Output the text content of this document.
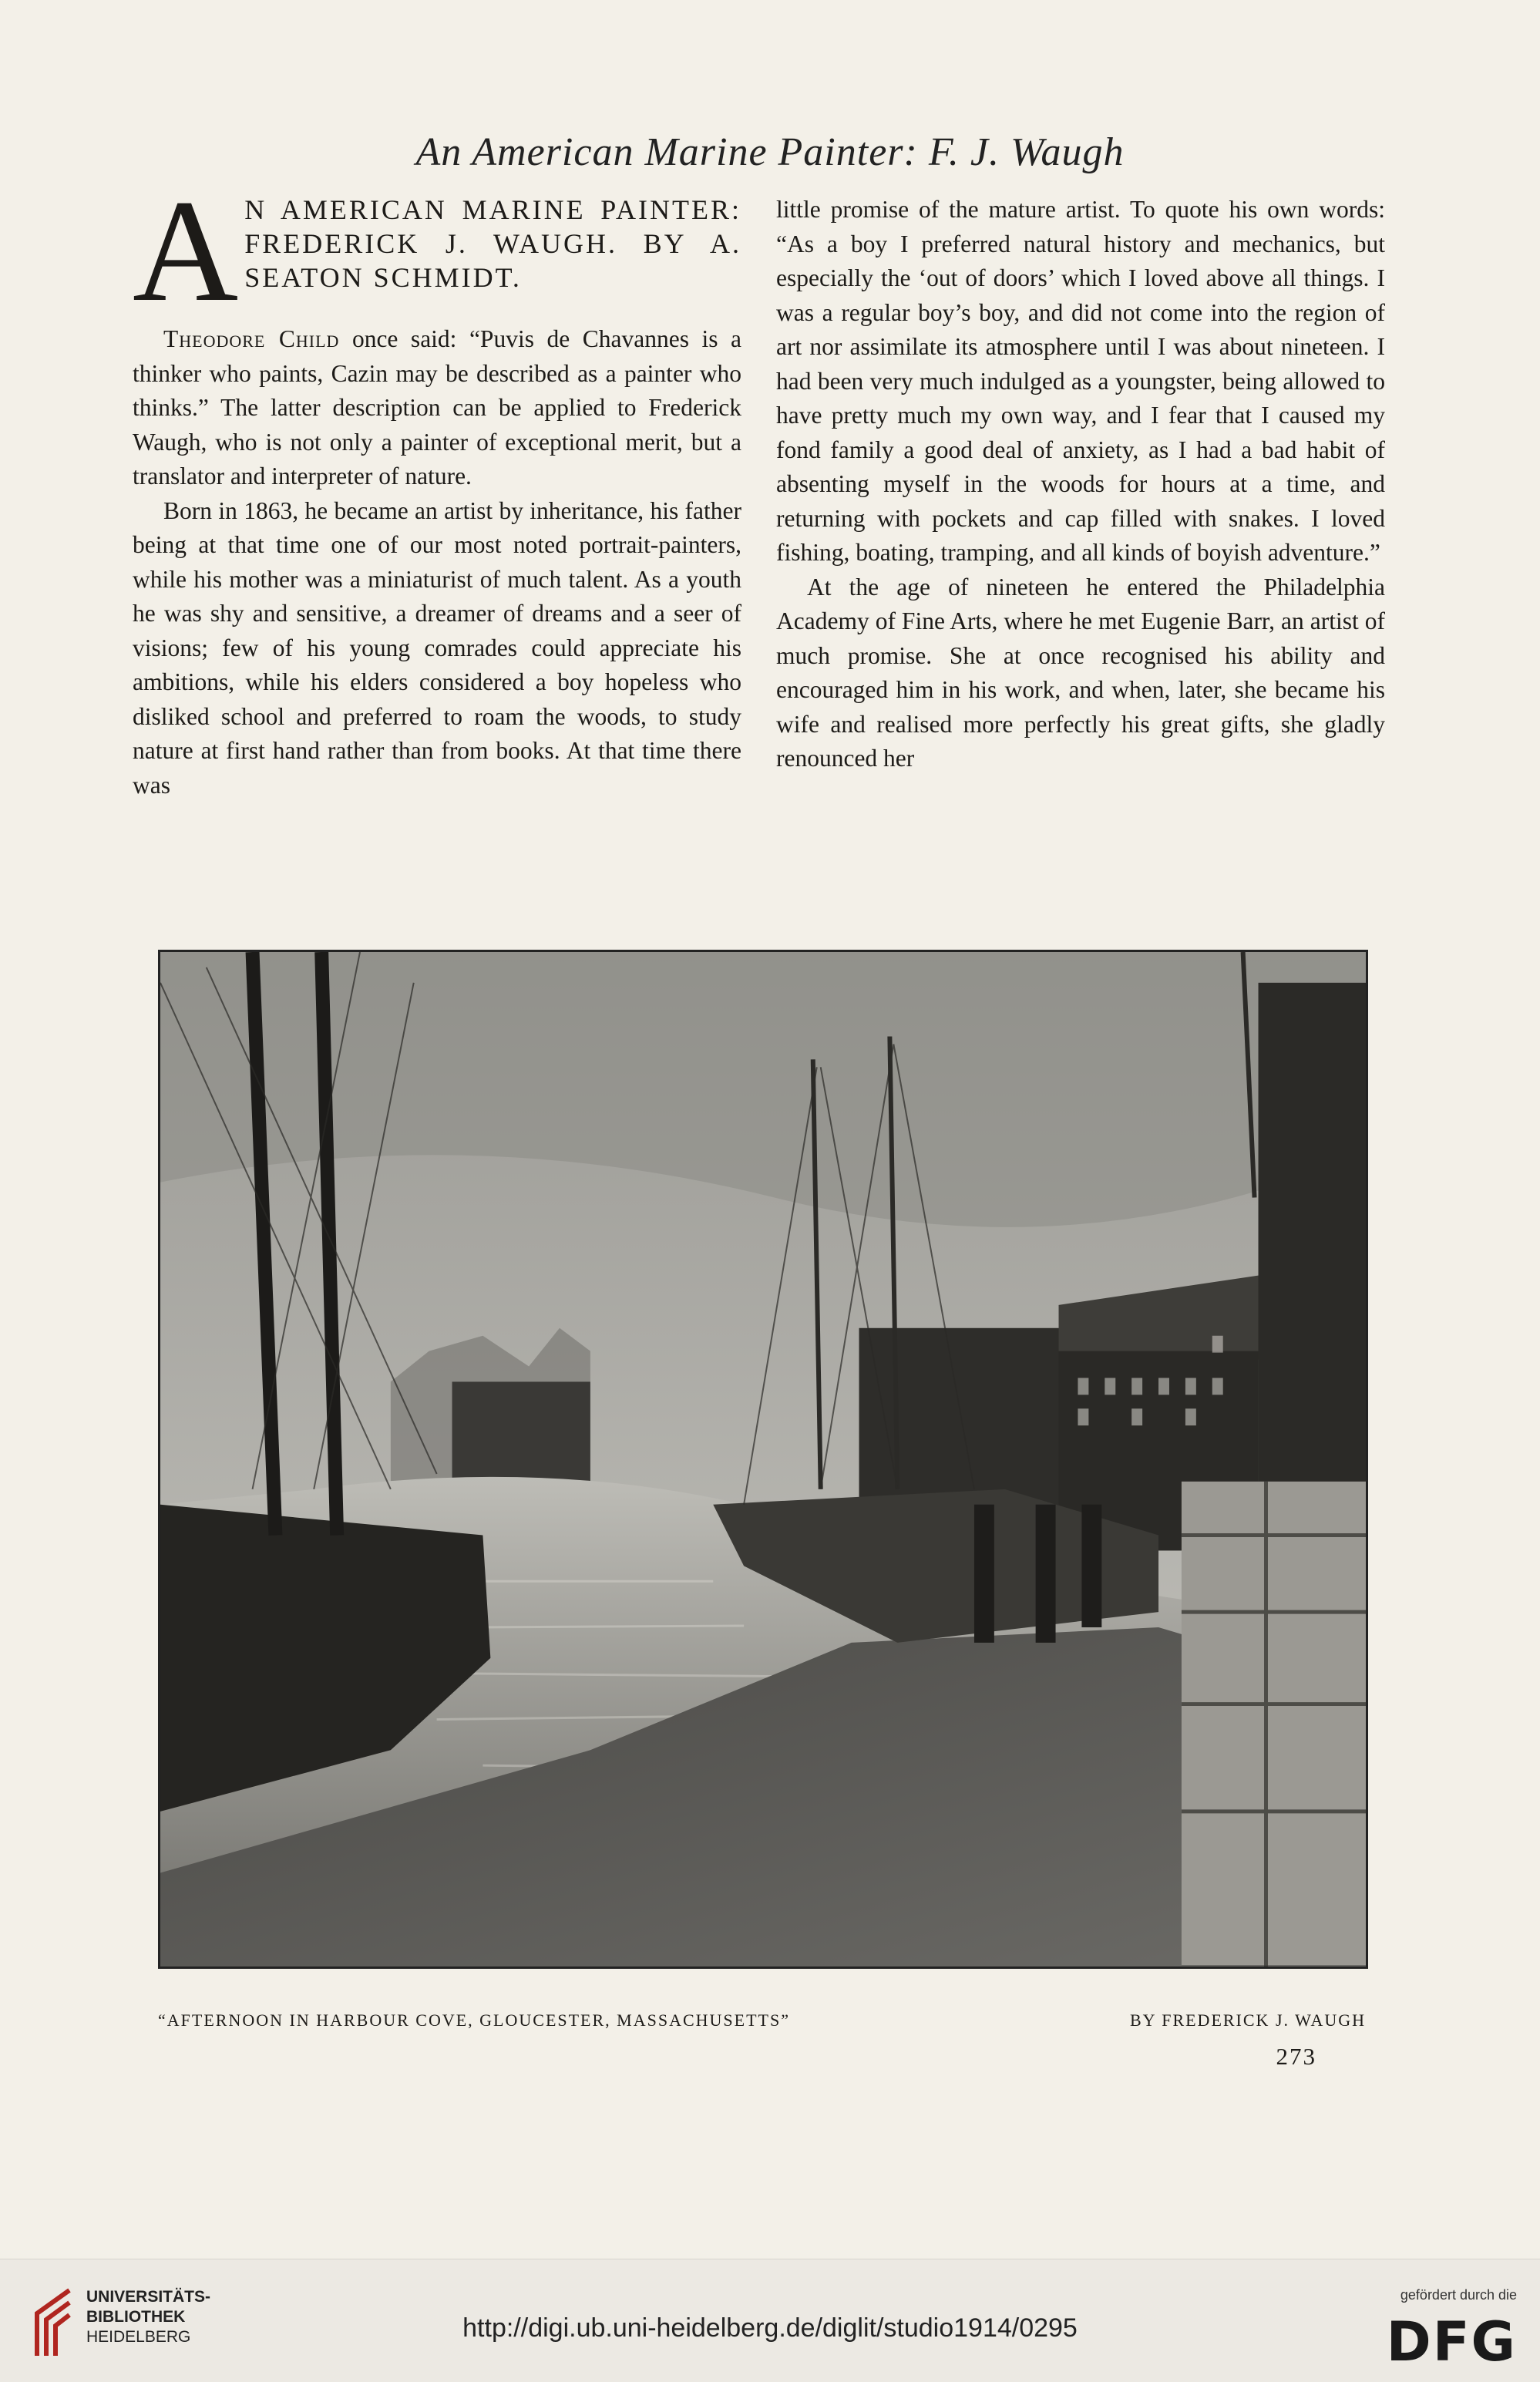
An American Marine Painter: F. J. Waugh
A N AMERICAN MARINE PAINTER: FREDERICK J. WAUGH. BY A. SEATON SCHMIDT.

Theodore Child once said: “Puvis de Chavannes is a thinker who paints, Cazin may be described as a painter who thinks.” The latter description can be applied to Frederick Waugh, who is not only a painter of exceptional merit, but a translator and interpreter of nature.

Born in 1863, he became an artist by inheritance, his father being at that time one of our most noted portrait-painters, while his mother was a miniaturist of much talent. As a youth he was shy and sensitive, a dreamer of dreams and a seer of visions; few of his young comrades could appreciate his ambitions, while his elders considered a boy hopeless who disliked school and preferred to roam the woods, to study nature at first hand rather than from books. At that time there was

little promise of the mature artist. To quote his own words: “As a boy I preferred natural history and mechanics, but especially the ‘out of doors’ which I loved above all things. I was a regular boy’s boy, and did not come into the region of art nor assimilate its atmosphere until I was about nineteen. I had been very much indulged as a youngster, being allowed to have pretty much my own way, and I fear that I caused my fond family a good deal of anxiety, as I had a bad habit of absenting myself in the woods for hours at a time, and returning with pockets and cap filled with snakes. I loved fishing, boating, tramping, and all kinds of boyish adventure.”

At the age of nineteen he entered the Philadelphia Academy of Fine Arts, where he met Eugenie Barr, an artist of much promise. She at once recognised his ability and encouraged him in his work, and when, later, she became his wife and realised more perfectly his great gifts, she gladly renounced her

“AFTERNOON IN HARBOUR COVE, GLOUCESTER, MASSACHUSETTS”	BY FREDERICK J. WAUGH
273
UNIVERSITÄTS-
BIBLIOTHEK
HEIDELBERG	http://digi.ub.uni-heidelberg.de/diglit/studio1914/0295
gefördert durch die
DFG
